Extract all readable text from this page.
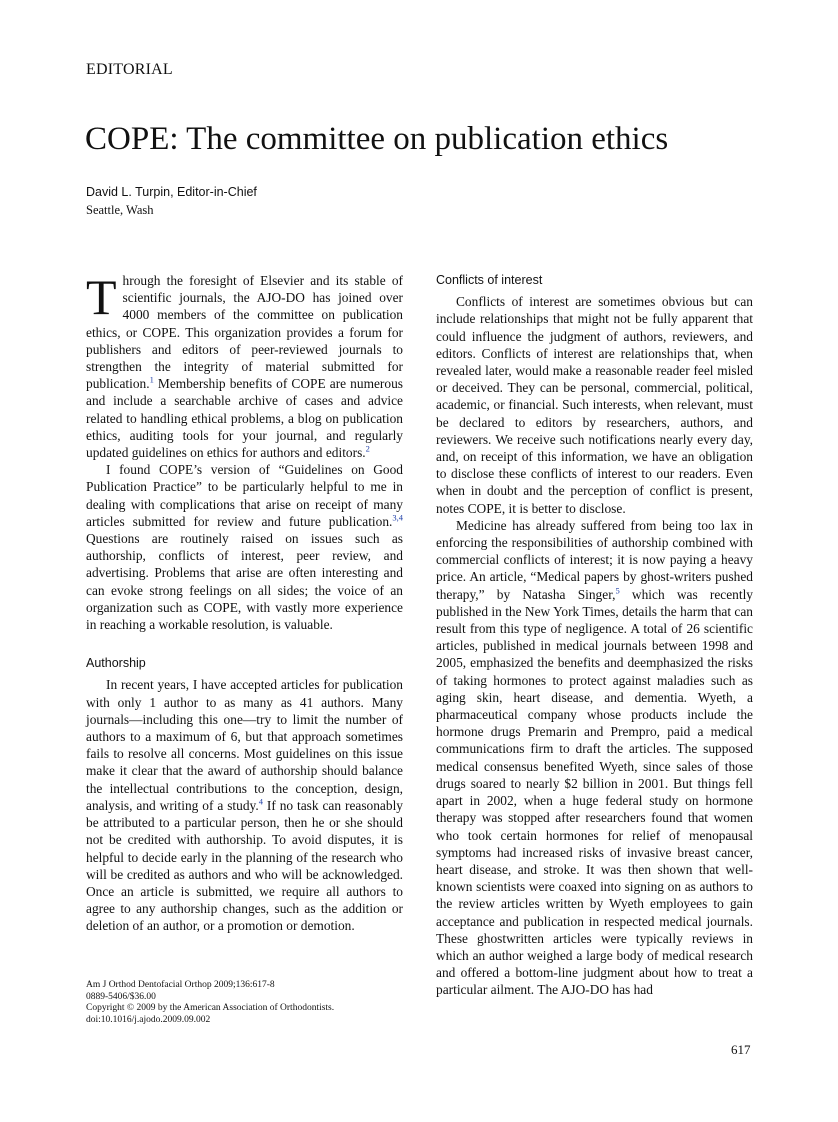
EDITORIAL
COPE: The committee on publication ethics
David L. Turpin, Editor-in-Chief
Seattle, Wash

Through the foresight of Elsevier and its stable of scientific journals, the AJO-DO has joined over 4000 members of the committee on publication ethics, or COPE. This organization provides a forum for publishers and editors of peer-reviewed journals to strengthen the integrity of material submitted for publication.$^1$ Membership benefits of COPE are numerous and include a searchable archive of cases and advice related to handling ethical problems, a blog on publication ethics, auditing tools for your journal, and regularly updated guidelines on ethics for authors and editors.$^2$

I found COPE’s version of “Guidelines on Good Publication Practice” to be particularly helpful to me in dealing with complications that arise on receipt of many articles submitted for review and future publication.$^{3,4}$ Questions are routinely raised on issues such as authorship, conflicts of interest, peer review, and advertising. Problems that arise are often interesting and can evoke strong feelings on all sides; the voice of an organization such as COPE, with vastly more experience in reaching a workable resolution, is valuable.

Authorship

In recent years, I have accepted articles for publication with only 1 author to as many as 41 authors. Many journals—including this one—try to limit the number of authors to a maximum of 6, but that approach sometimes fails to resolve all concerns. Most guidelines on this issue make it clear that the award of authorship should balance the intellectual contributions to the conception, design, analysis, and writing of a study.$^4$ If no task can reasonably be attributed to a particular person, then he or she should not be credited with authorship. To avoid disputes, it is helpful to decide early in the planning of the research who will be credited as authors and who will be acknowledged. Once an article is submitted, we require all authors to agree to any authorship changes, such as the addition or deletion of an author, or a promotion or demotion.

Conflicts of interest

Conflicts of interest are sometimes obvious but can include relationships that might not be fully apparent that could influence the judgment of authors, reviewers, and editors. Conflicts of interest are relationships that, when revealed later, would make a reasonable reader feel misled or deceived. They can be personal, commercial, political, academic, or financial. Such interests, when relevant, must be declared to editors by researchers, authors, and reviewers. We receive such notifications nearly every day, and, on receipt of this information, we have an obligation to disclose these conflicts of interest to our readers. Even when in doubt and the perception of conflict is present, notes COPE, it is better to disclose.

Medicine has already suffered from being too lax in enforcing the responsibilities of authorship combined with commercial conflicts of interest; it is now paying a heavy price. An article, “Medical papers by ghost-writers pushed therapy,” by Natasha Singer,$^5$ which was recently published in the New York Times, details the harm that can result from this type of negligence. A total of 26 scientific articles, published in medical journals between 1998 and 2005, emphasized the benefits and deemphasized the risks of taking hormones to protect against maladies such as aging skin, heart disease, and dementia. Wyeth, a pharmaceutical company whose products include the hormone drugs Premarin and Prempro, paid a medical communications firm to draft the articles. The supposed medical consensus benefited Wyeth, since sales of those drugs soared to nearly $2 billion in 2001. But things fell apart in 2002, when a huge federal study on hormone therapy was stopped after researchers found that women who took certain hormones for relief of menopausal symptoms had increased risks of invasive breast cancer, heart disease, and stroke. It was then shown that well-known scientists were coaxed into signing on as authors to the review articles written by Wyeth employees to gain acceptance and publication in respected medical journals. These ghostwritten articles were typically reviews in which an author weighed a large body of medical research and offered a bottom-line judgment about how to treat a particular ailment. The AJO-DO has had

Am J Orthod Dentofacial Orthop 2009;136:617-8
0889-5406/$36.00
Copyright © 2009 by the American Association of Orthodontists.
doi:10.1016/j.ajodo.2009.09.002
617
